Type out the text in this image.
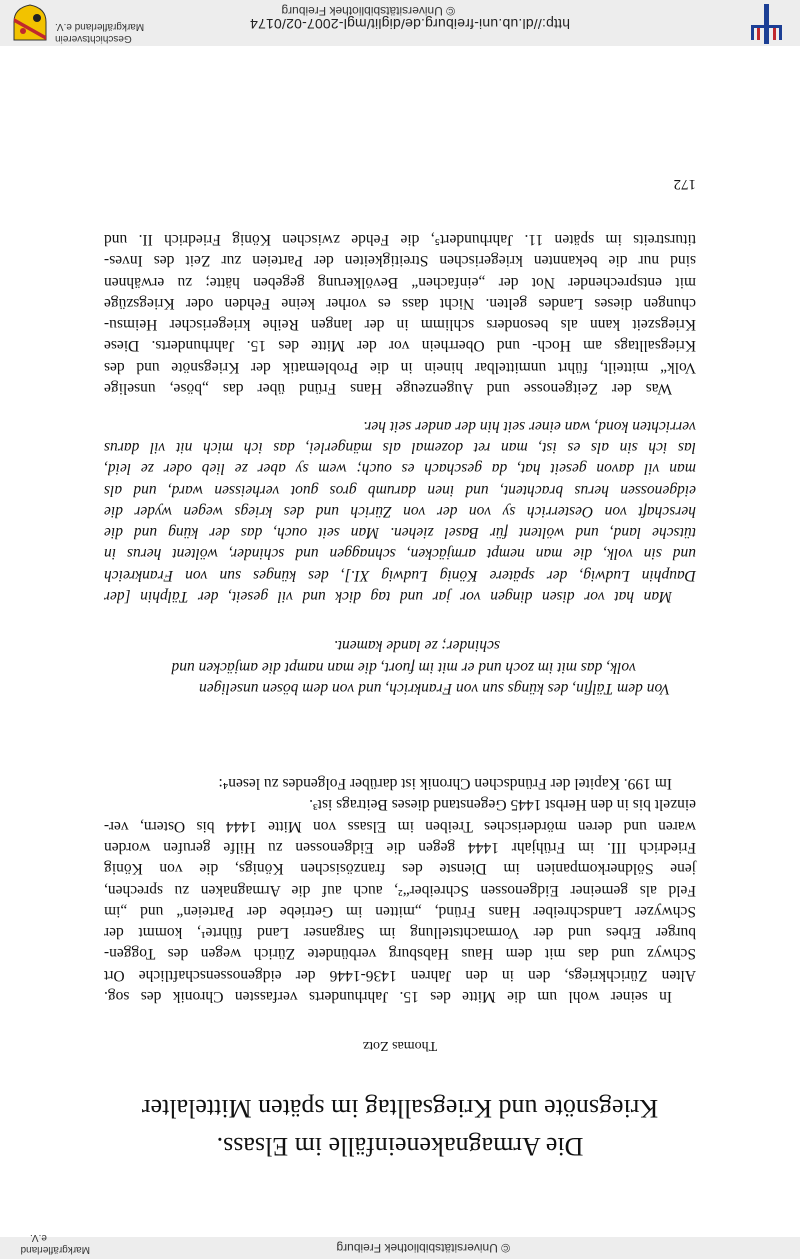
© Universitätsbibliothek Freiburg
Markgräflerland e.V.
Die Armagnakeneinfälle im Elsass.
Kriegsnöte und Kriegsalltag im späten Mittelalter
Thomas Zotz
In seiner wohl um die Mitte des 15. Jahrhunderts verfassten Chronik des sog.
Alten Zürichkriegs, den in den Jahren 1436-1446 der eidgenossenschaftliche Ort
Schwyz und das mit dem Haus Habsburg verbündete Zürich wegen des Toggen-
burger Erbes und der Vormachtstellung im Sarganser Land führte¹, kommt der
Schwyzer Landschreiber Hans Fründ, „mitten im Getriebe der Parteien“ und „im
Feld als gemeiner Eidgenossen Schreiber“², auch auf die Armagnaken zu sprechen,
jene Söldnerkompanien im Dienste des französischen Königs, die von König
Friedrich III. im Frühjahr 1444 gegen die Eidgenossen zu Hilfe gerufen worden
waren und deren mörderisches Treiben im Elsass von Mitte 1444 bis Ostern, ver-
einzelt bis in den Herbst 1445 Gegenstand dieses Beitrags ist³.
Im 199. Kapitel der Fründschen Chronik ist darüber Folgendes zu lesen⁴:
Von dem Tälfin, des küngs sun von Frankrich, und von dem bösen unseligen
volk, das mit im zoch und er mit im fuort, die man nampt die amjäcken und
schinder; ze lande kament.
Man hat vor disen dingen vor jar und tag dick und vil geseit, der Tälphin [der
Dauphin Ludwig, der spätere König Ludwig XI.], des künges sun von Frankreich
und sin volk, die man nempt armjäcken, schnaggen und schinder, wöltent herus in
tütsche land, und wöltent für Basel ziehen. Man seit ouch, das der küng und die
herschaft von Oesterrich sy von der von Zürich und des kriegs wegen wyder die
eidgenossen herus brachtent, und inen darumb gros guot verheissen ward, und als
man vil davon geseit hat, da geschach es ouch; wem sy aber ze lieb oder ze leid,
las ich sin als es ist, man ret dozemal als mängerlei, das ich mich nit vil darus
verrichten kond, wan einer seit hin der ander seit her.
Was der Zeitgenosse und Augenzeuge Hans Fründ über das „böse, unselige
Volk“ mitteilt, führt unmittelbar hinein in die Problematik der Kriegsnöte und des
Kriegsalltags am Hoch- und Oberrhein vor der Mitte des 15. Jahrhunderts. Diese
Kriegszeit kann als besonders schlimm in der langen Reihe kriegerischer Heimsu-
chungen dieses Landes gelten. Nicht dass es vorher keine Fehden oder Kriegszüge
mit entsprechender Not der „einfachen“ Bevölkerung gegeben hätte; zu erwähnen
sind nur die bekannten kriegerischen Streitigkeiten der Parteien zur Zeit des Inves-
titurstreits im späten 11. Jahrhundert⁵, die Fehde zwischen König Friedrich II. und
172
http://dl.ub.uni-freiburg.de/diglit/mgl-2007-02/0174
© Universitätsbibliothek Freiburg
Geschichtsverein
Markgräflerland e.V.
